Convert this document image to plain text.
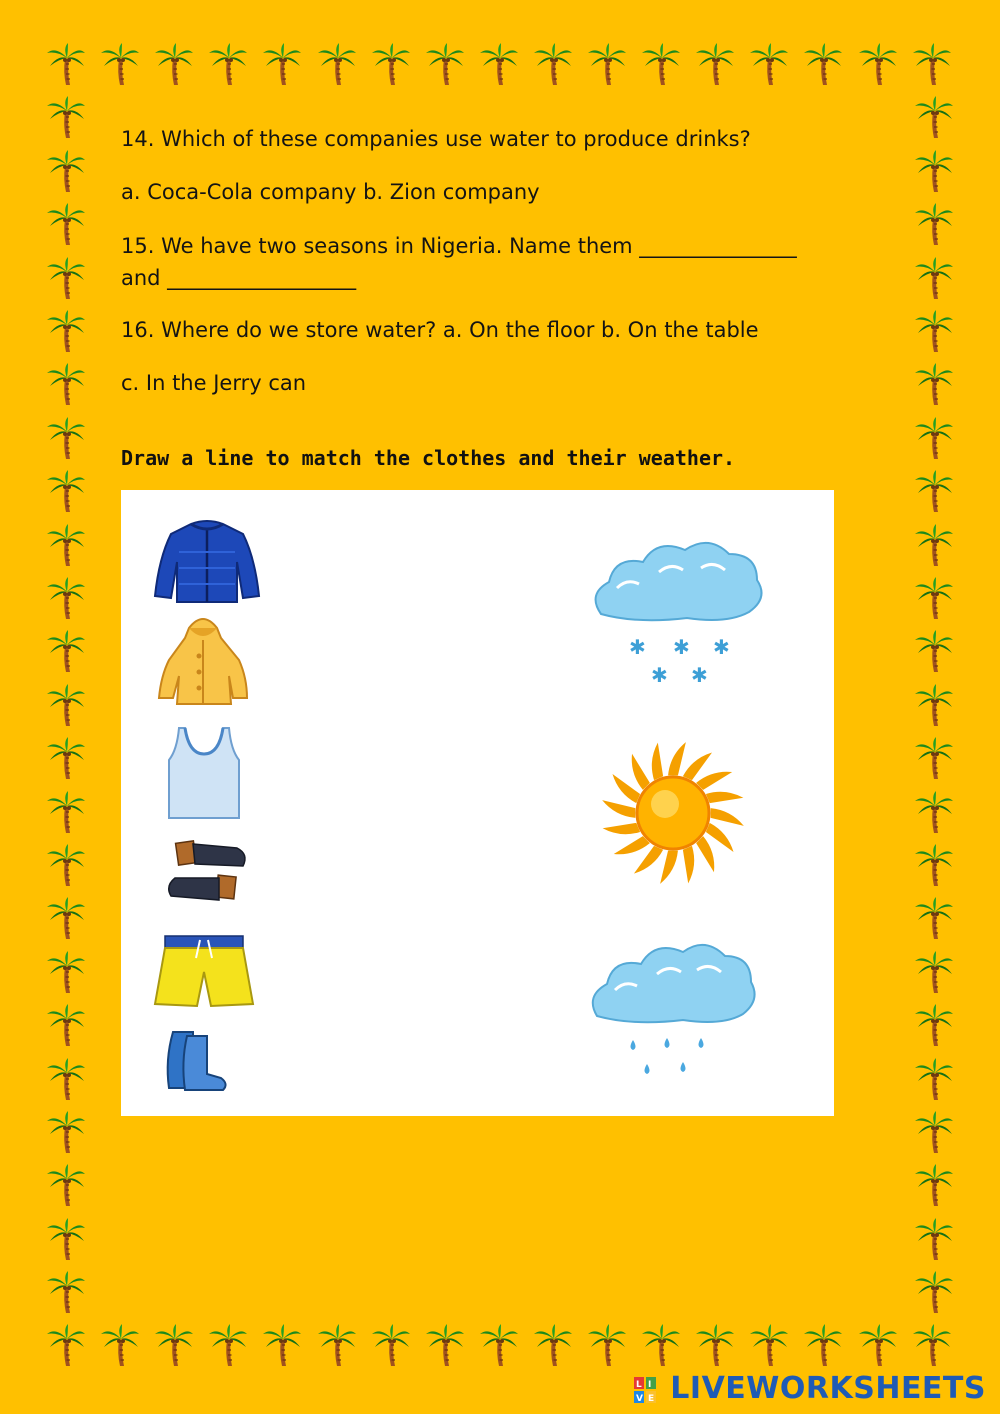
14. Which of these companies use water to produce drinks?
a. Coca-Cola company b. Zion company
15. We have two seasons in Nigeria. Name them _______________
and __________________
16. Where do we store water? a. On the floor b. On the table
c. In the Jerry can
Draw a line to match the clothes and their weather.
✱ ✱ ✱
✱ ✱
L I
V E LIVEWORKSHEETS
